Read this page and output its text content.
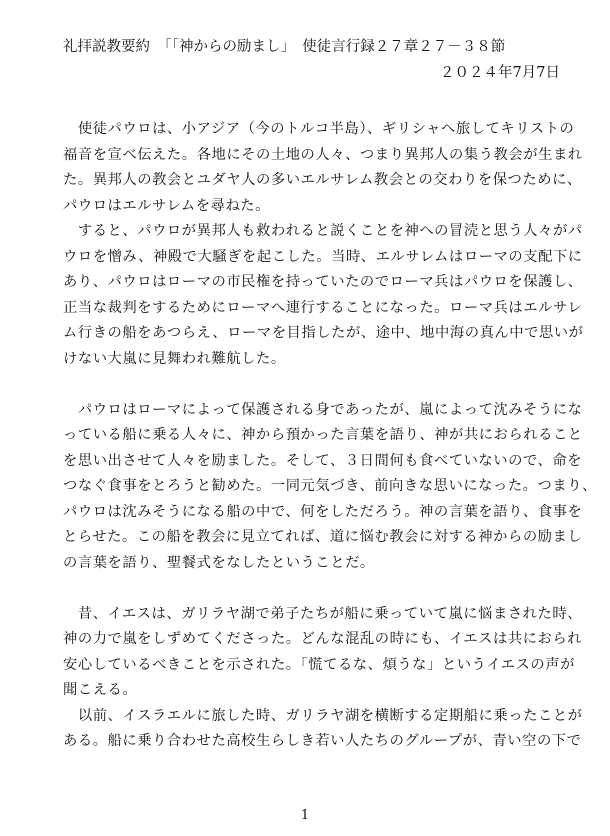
礼拝説教要約　「「神からの励まし」　使徒言行録２７章２７－３８節
２０２４年7月7日
　使徒パウロは、小アジア（今のトルコ半島）、ギリシャへ旅してキリストの
福音を宣べ伝えた。各地にその土地の人々、つまり異邦人の集う教会が生まれ
た。異邦人の教会とユダヤ人の多いエルサレム教会との交わりを保つために、
パウロはエルサレムを尋ねた。
　すると、パウロが異邦人も救われると説くことを神への冒涜と思う人々がパ
ウロを憎み、神殿で大騒ぎを起こした。当時、エルサレムはローマの支配下に
あり、パウロはローマの市民権を持っていたのでローマ兵はパウロを保護し、
正当な裁判をするためにローマへ連行することになった。ローマ兵はエルサレ
ム行きの船をあつらえ、ローマを目指したが、途中、地中海の真ん中で思いが
けない大嵐に見舞われ難航した。
　パウロはローマによって保護される身であったが、嵐によって沈みそうにな
っている船に乗る人々に、神から預かった言葉を語り、神が共におられること
を思い出させて人々を励ました。そして、３日間何も食べていないので、命を
つなぐ食事をとろうと勧めた。一同元気づき、前向きな思いになった。つまり、
パウロは沈みそうになる船の中で、何をしただろう。神の言葉を語り、食事を
とらせた。この船を教会に見立てれば、道に悩む教会に対する神からの励まし
の言葉を語り、聖餐式をなしたということだ。
　昔、イエスは、ガリラヤ湖で弟子たちが船に乗っていて嵐に悩まされた時、
神の力で嵐をしずめてくださった。どんな混乱の時にも、イエスは共におられ
安心しているべきことを示された。「慌てるな、煩うな」というイエスの声が
聞こえる。
　以前、イスラエルに旅した時、ガリラヤ湖を横断する定期船に乗ったことが
ある。船に乗り合わせた高校生らしき若い人たちのグループが、青い空の下で
1
